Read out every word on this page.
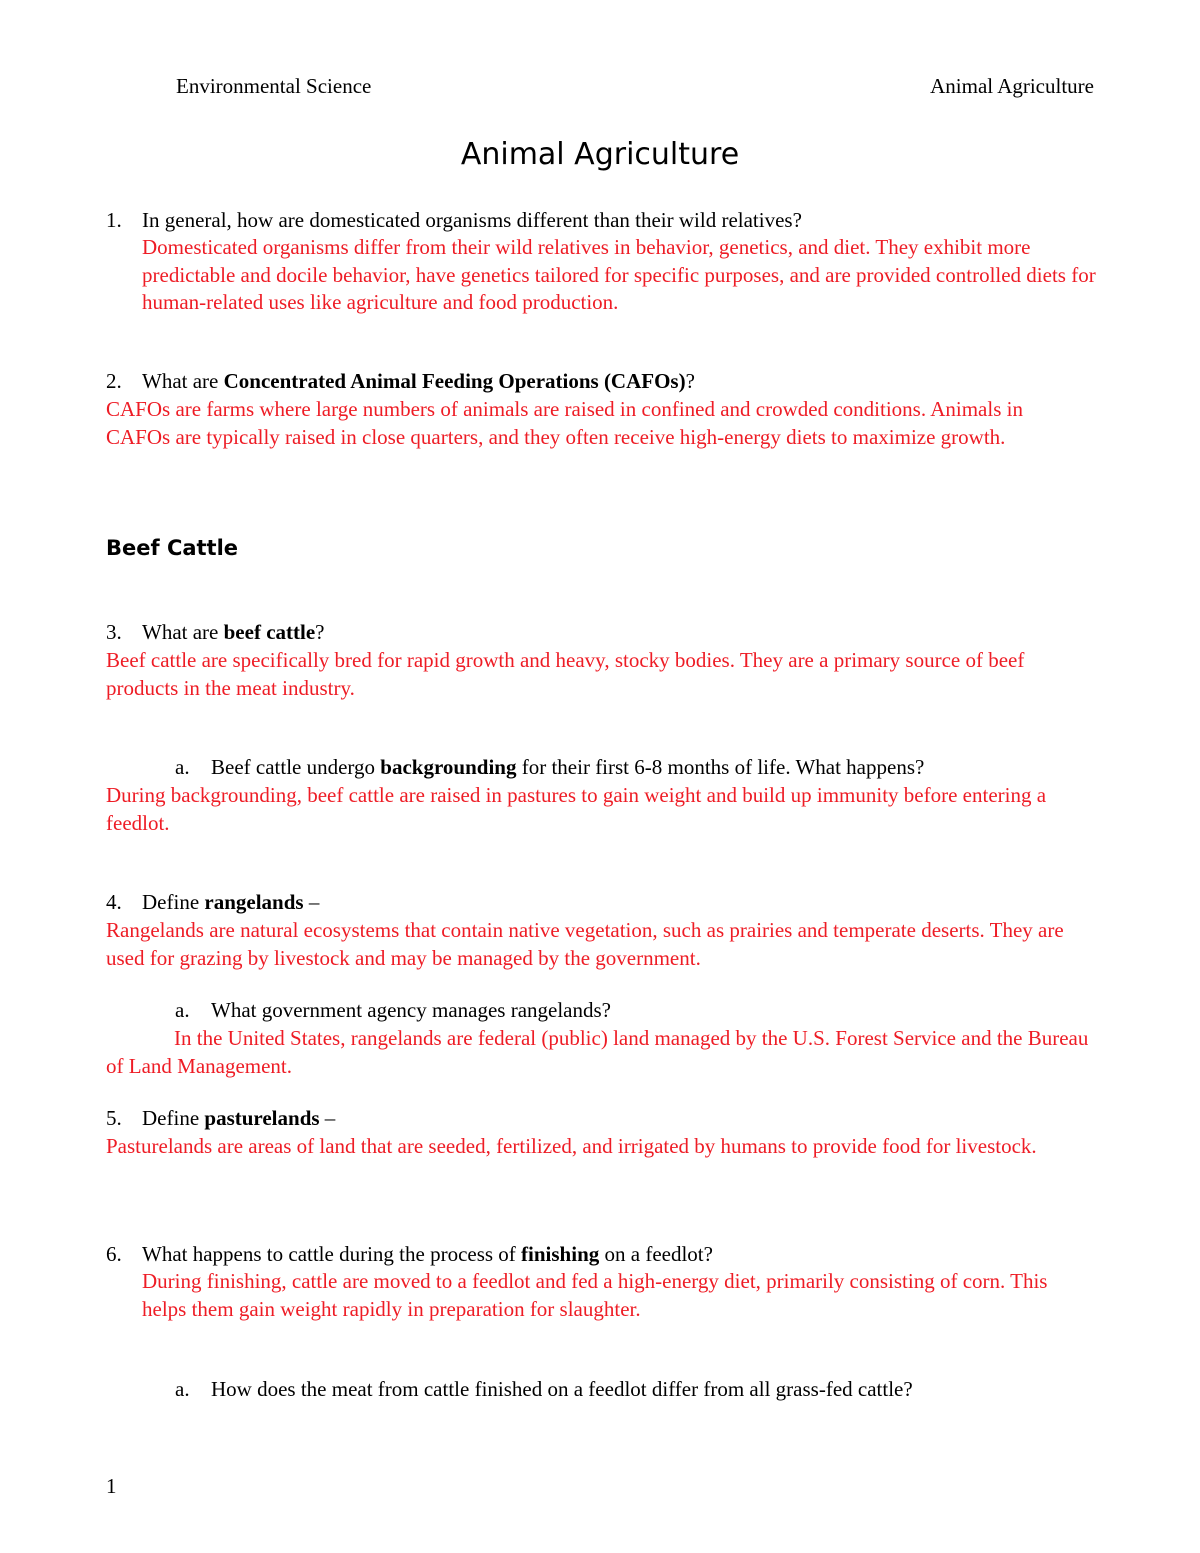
Environmental Science	Animal Agriculture
Animal Agriculture
1. In general, how are domesticated organisms different than their wild relatives?
Domesticated organisms differ from their wild relatives in behavior, genetics, and diet. They exhibit more predictable and docile behavior, have genetics tailored for specific purposes, and are provided controlled diets for human-related uses like agriculture and food production.
2. What are Concentrated Animal Feeding Operations (CAFOs)?
CAFOs are farms where large numbers of animals are raised in confined and crowded conditions. Animals in CAFOs are typically raised in close quarters, and they often receive high-energy diets to maximize growth.
Beef Cattle
3. What are beef cattle?
Beef cattle are specifically bred for rapid growth and heavy, stocky bodies. They are a primary source of beef products in the meat industry.
a. Beef cattle undergo backgrounding for their first 6-8 months of life. What happens?
During backgrounding, beef cattle are raised in pastures to gain weight and build up immunity before entering a feedlot.
4. Define rangelands –
Rangelands are natural ecosystems that contain native vegetation, such as prairies and temperate deserts. They are used for grazing by livestock and may be managed by the government.
a. What government agency manages rangelands?
In the United States, rangelands are federal (public) land managed by the U.S. Forest Service and the Bureau of Land Management.
5. Define pasturelands –
Pasturelands are areas of land that are seeded, fertilized, and irrigated by humans to provide food for livestock.
6. What happens to cattle during the process of finishing on a feedlot?
During finishing, cattle are moved to a feedlot and fed a high-energy diet, primarily consisting of corn. This helps them gain weight rapidly in preparation for slaughter.
a. How does the meat from cattle finished on a feedlot differ from all grass-fed cattle?
1
